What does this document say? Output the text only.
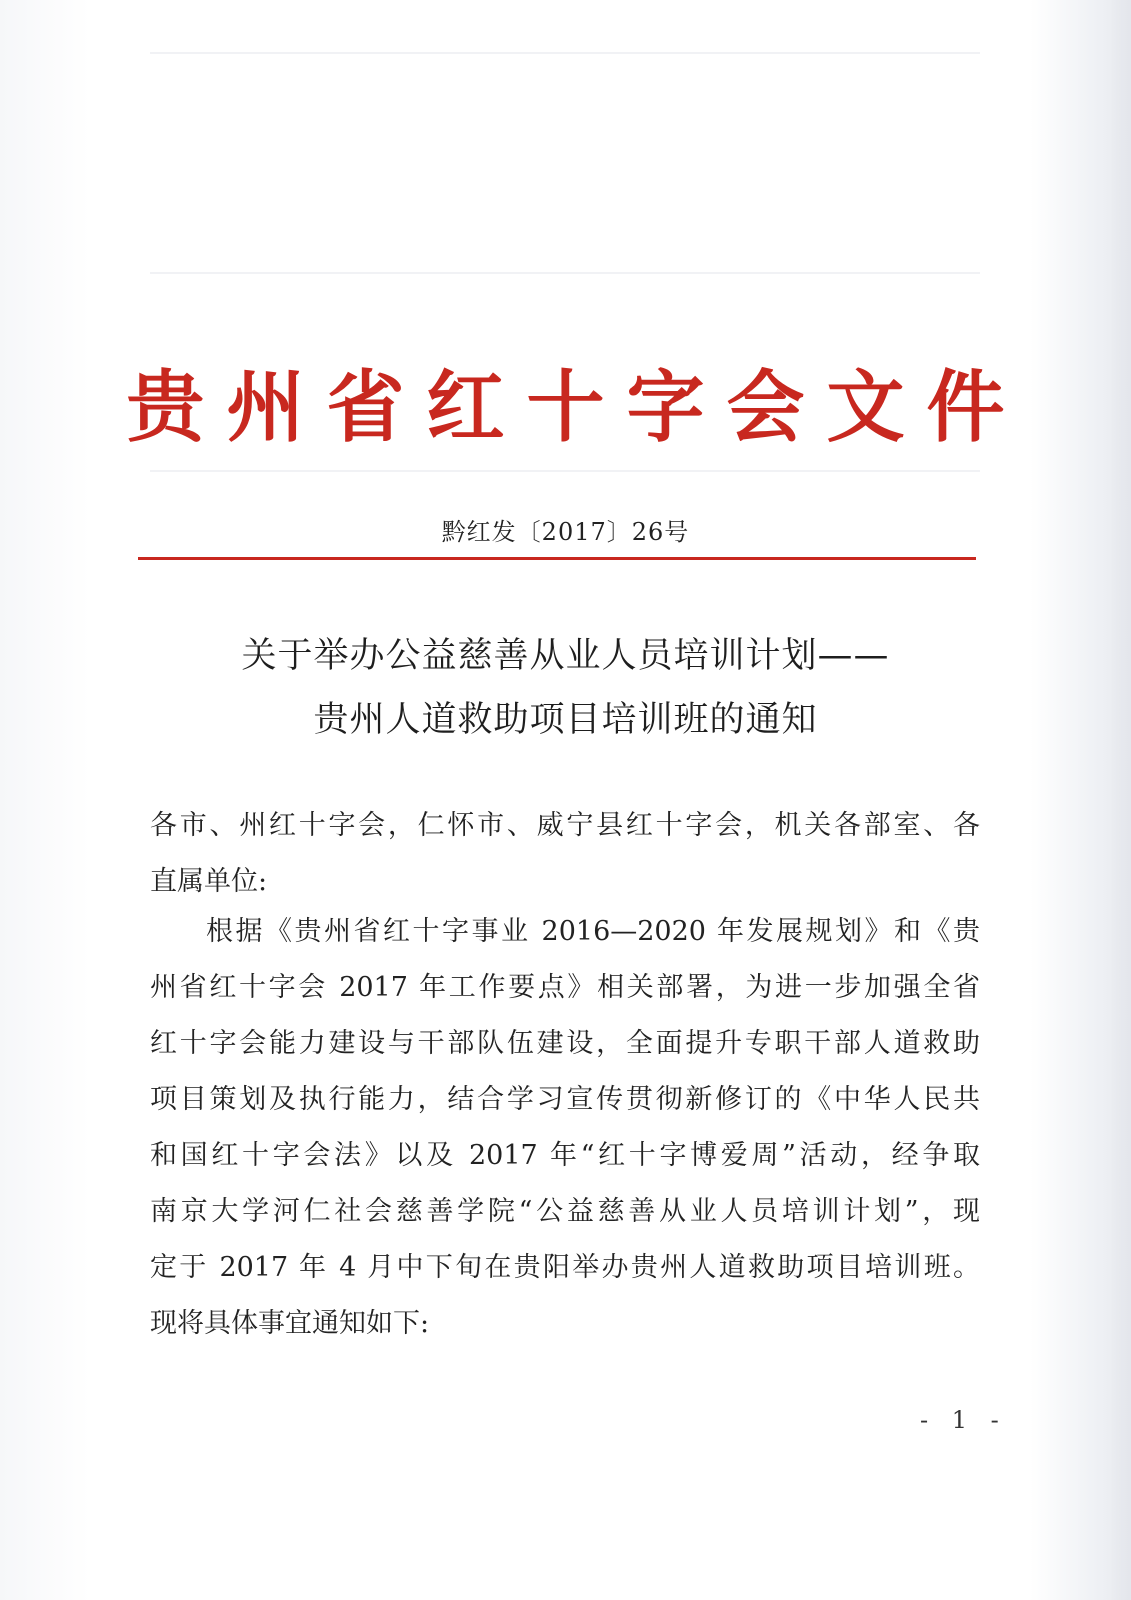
贵州省红十字会文件
黔红发〔2017〕26号
关于举办公益慈善从业人员培训计划——
贵州人道救助项目培训班的通知
各市、州红十字会，仁怀市、威宁县红十字会，机关各部室、各
直属单位:
根据《贵州省红十字事业 2016—2020 年发展规划》和《贵
州省红十字会 2017 年工作要点》相关部署，为进一步加强全省
红十字会能力建设与干部队伍建设，全面提升专职干部人道救助
项目策划及执行能力，结合学习宣传贯彻新修订的《中华人民共
和国红十字会法》以及 2017 年“红十字博爱周”活动，经争取
南京大学河仁社会慈善学院“公益慈善从业人员培训计划”，现
定于 2017 年 4 月中下旬在贵阳举办贵州人道救助项目培训班。
现将具体事宜通知如下:
- 1 -
